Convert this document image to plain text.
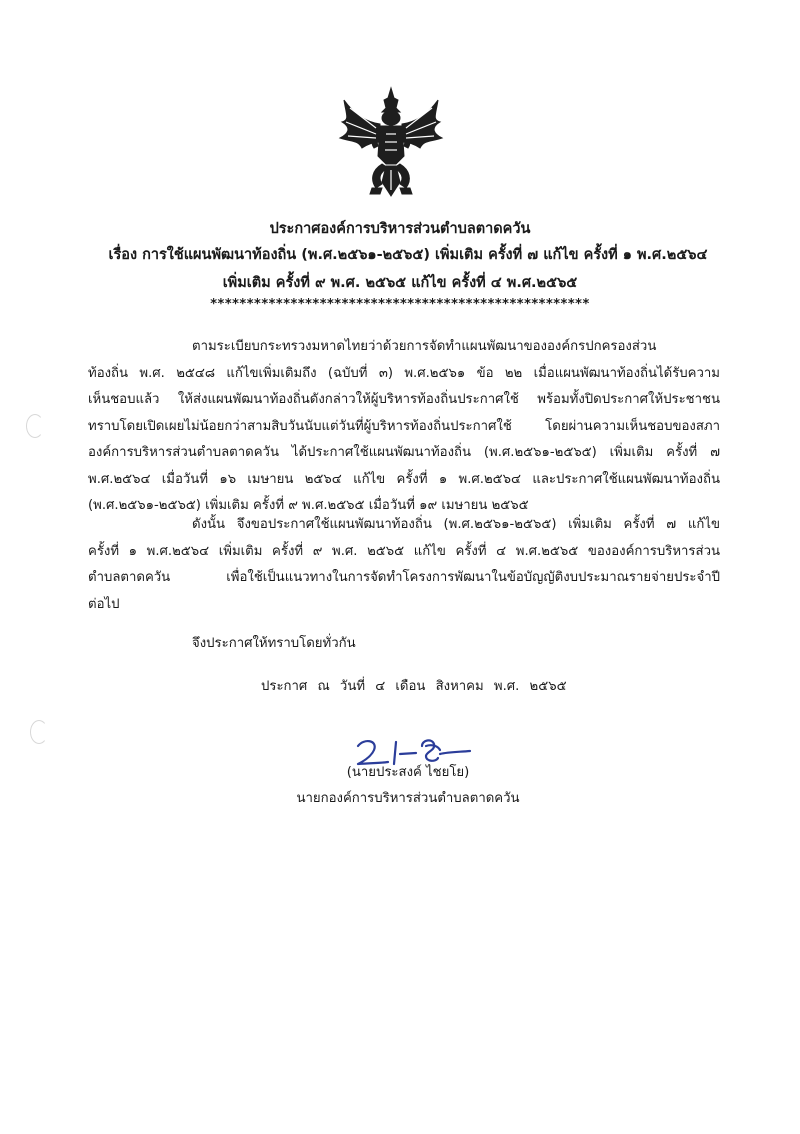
ประกาศองค์การบริหารส่วนตำบลตาดควัน
เรื่อง การใช้แผนพัฒนาท้องถิ่น (พ.ศ.๒๕๖๑-๒๕๖๕) เพิ่มเติม ครั้งที่ ๗ แก้ไข ครั้งที่ ๑ พ.ศ.๒๕๖๔
เพิ่มเติม ครั้งที่ ๙ พ.ศ. ๒๕๖๕ แก้ไข ครั้งที่ ๔ พ.ศ.๒๕๖๕
****************************************************
ตามระเบียบกระทรวงมหาดไทยว่าด้วยการจัดทำแผนพัฒนาขององค์กรปกครองส่วน
ท้องถิ่น พ.ศ. ๒๕๔๘ แก้ไขเพิ่มเติมถึง (ฉบับที่ ๓) พ.ศ.๒๕๖๑ ข้อ ๒๒ เมื่อแผนพัฒนาท้องถิ่นได้รับความ
เห็นชอบแล้ว ให้ส่งแผนพัฒนาท้องถิ่นดังกล่าวให้ผู้บริหารท้องถิ่นประกาศใช้ พร้อมทั้งปิดประกาศให้ประชาชน
ทราบโดยเปิดเผยไม่น้อยกว่าสามสิบวันนับแต่วันที่ผู้บริหารท้องถิ่นประกาศใช้ โดยผ่านความเห็นชอบของสภา
องค์การบริหารส่วนตำบลตาดควัน ได้ประกาศใช้แผนพัฒนาท้องถิ่น (พ.ศ.๒๕๖๑-๒๕๖๕) เพิ่มเติม ครั้งที่ ๗
พ.ศ.๒๕๖๔ เมื่อวันที่ ๑๖ เมษายน ๒๕๖๔ แก้ไข ครั้งที่ ๑ พ.ศ.๒๕๖๔ และประกาศใช้แผนพัฒนาท้องถิ่น
(พ.ศ.๒๕๖๑-๒๕๖๕) เพิ่มเติม ครั้งที่ ๙ พ.ศ.๒๕๖๕ เมื่อวันที่ ๑๙ เมษายน ๒๕๖๕
ดังนั้น จึงขอประกาศใช้แผนพัฒนาท้องถิ่น (พ.ศ.๒๕๖๑-๒๕๖๕) เพิ่มเติม ครั้งที่ ๗ แก้ไข
ครั้งที่ ๑ พ.ศ.๒๕๖๔ เพิ่มเติม ครั้งที่ ๙ พ.ศ. ๒๕๖๕ แก้ไข ครั้งที่ ๔ พ.ศ.๒๕๖๕ ขององค์การบริหารส่วน
ตำบลตาดควัน เพื่อใช้เป็นแนวทางในการจัดทำโครงการพัฒนาในข้อบัญญัติงบประมาณรายจ่ายประจำปี
ต่อไป
จึงประกาศให้ทราบโดยทั่วกัน
ประกาศ ณ วันที่ ๔ เดือน สิงหาคม พ.ศ. ๒๕๖๕
(นายประสงค์ ไชยโย)
นายกองค์การบริหารส่วนตำบลตาดควัน
